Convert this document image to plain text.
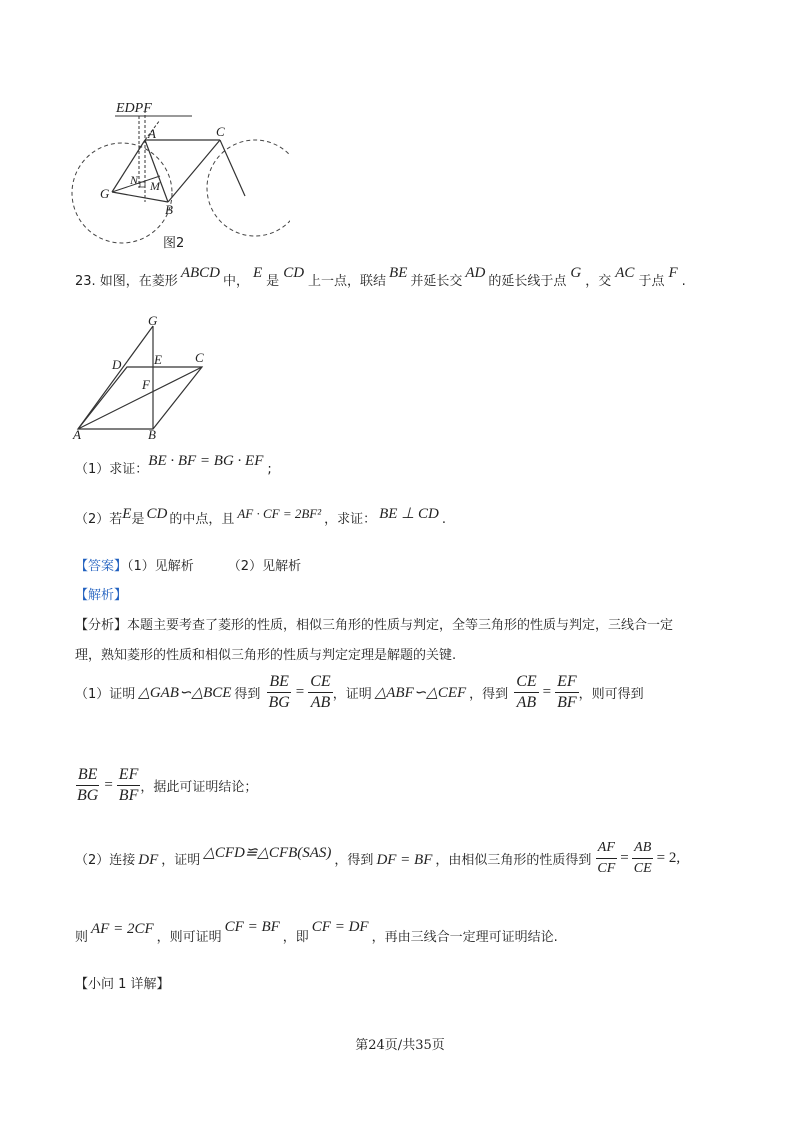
EDPF
A	C
N M
G
B
图2
23. 如图，在菱形ABCD中，E是CD上一点，联结BE并延长交AD的延长线于点G，交AC于点F.
G
D	E	C
F
A	B
（1）求证：BE · BF = BG · EF;
（2）若E是 CD 的中点，且 AF · CF = 2BF² ，求证： BE ⊥ CD .
【答案】（1）见解析	（2）见解析
【解析】
【分析】本题主要考查了菱形的性质，相似三角形的性质与判定，全等三角形的性质与判定，三线合一定
理，熟知菱形的性质和相似三角形的性质与判定定理是解题的关键.
（1）证明 △GAB∽△BCE 得到 $\frac{BE}{BG} = \frac{CE}{AB}$ ，证明 △ABF∽△CEF ，得到 $\frac{CE}{AB} = \frac{EF}{BF}$ ，则可得到
$\frac{BE}{BG} = \frac{EF}{BF}$ ，据此可证明结论；
（2）连接 DF ，证明 △CFD≌△CFB(SAS) ，得到 DF = BF ，由相似三角形的性质得到 $\frac{AF}{CF} = \frac{AB}{CE} = 2$,
则AF = 2CF，则可证明CF = BF，即CF = DF，再由三线合一定理可证明结论.
【小问 1 详解】
第24页/共35页
